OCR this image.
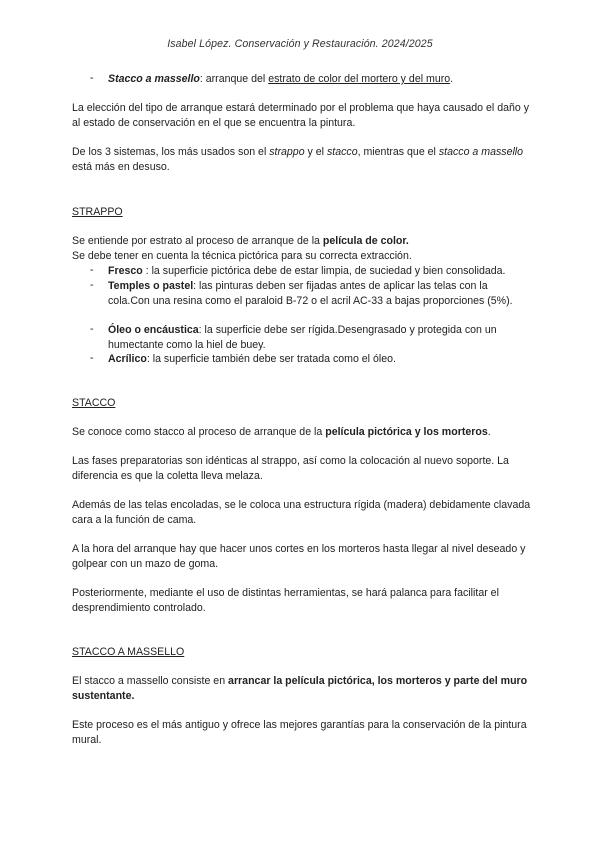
Isabel López. Conservación y Restauración. 2024/2025
- Stacco a massello: arranque del estrato de color del mortero y del muro.
La elección del tipo de arranque estará determinado por el problema que haya causado el daño y al estado de conservación en el que se encuentra la pintura.
De los 3 sistemas, los más usados son el strappo y el stacco, mientras que el stacco a massello está más en desuso.
STRAPPO
Se entiende por estrato al proceso de arranque de la película de color.
Se debe tener en cuenta la técnica pictórica para su correcta extracción.
- Fresco : la superficie pictórica debe de estar limpia, de suciedad y bien consolidada.
- Temples o pastel: las pinturas deben ser fijadas antes de aplicar las telas con la cola.Con una resina como el paraloid B-72 o el acril AC-33 a bajas proporciones (5%).
- Óleo o encáustica: la superficie debe ser rígida.Desengrasado y protegida con un humectante como la hiel de buey.
- Acrílico: la superficie también debe ser tratada como el óleo.
STACCO
Se conoce como stacco al proceso de arranque de la película pictórica y los morteros.
Las fases preparatorias son idénticas al strappo, así como la colocación al nuevo soporte. La diferencia es que la coletta lleva melaza.
Además de las telas encoladas, se le coloca una estructura rígida (madera) debidamente clavada cara a la función de cama.
A la hora del arranque hay que hacer unos cortes en los morteros hasta llegar al nivel deseado y golpear con un mazo de goma.
Posteriormente, mediante el uso de distintas herramientas, se hará palanca para facilitar el desprendimiento controlado.
STACCO A MASSELLO
El stacco a massello consiste en arrancar la película pictórica, los morteros y parte del muro sustentante.
Este proceso es el más antiguo y ofrece las mejores garantías para la conservación de la pintura mural.
